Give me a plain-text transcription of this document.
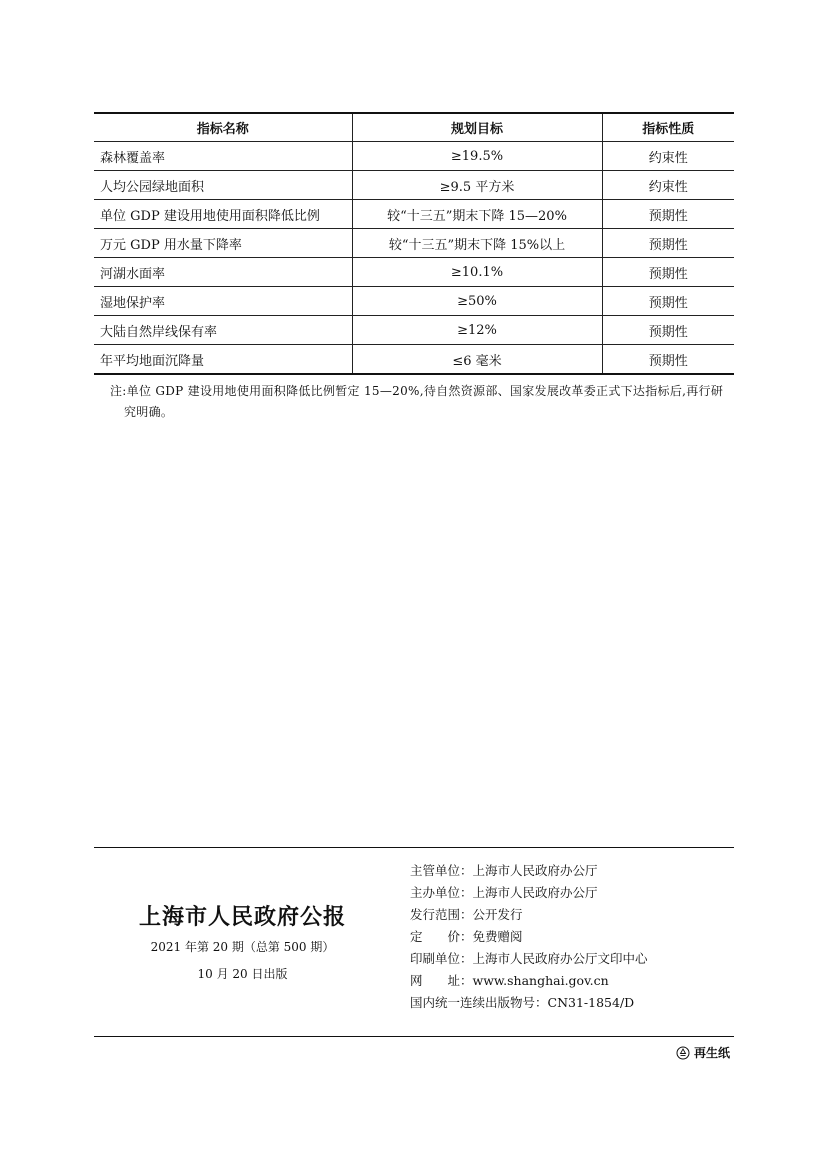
指标名称	规划目标	指标性质
森林覆盖率	≥19.5%	约束性
人均公园绿地面积	≥9.5 平方米	约束性
单位 GDP 建设用地使用面积降低比例	较“十三五”期末下降 15—20%	预期性
万元 GDP 用水量下降率	较“十三五”期末下降 15%以上	预期性
河湖水面率	≥10.1%	预期性
湿地保护率	≥50%	预期性
大陆自然岸线保有率	≥12%	预期性
年平均地面沉降量	≤6 毫米	预期性
注:单位 GDP 建设用地使用面积降低比例暂定 15—20%,待自然资源部、国家发展改革委正式下达指标后,再行研究明确。
上海市人民政府公报
2021 年第 20 期（总第 500 期）
10 月 20 日出版
主管单位：上海市人民政府办公厅
主办单位：上海市人民政府办公厅
发行范围：公开发行
定　　价：免费赠阅
印刷单位：上海市人民政府办公厅文印中心
网　　址：www.shanghai.gov.cn
国内统一连续出版物号：CN31-1854/D
再生纸
